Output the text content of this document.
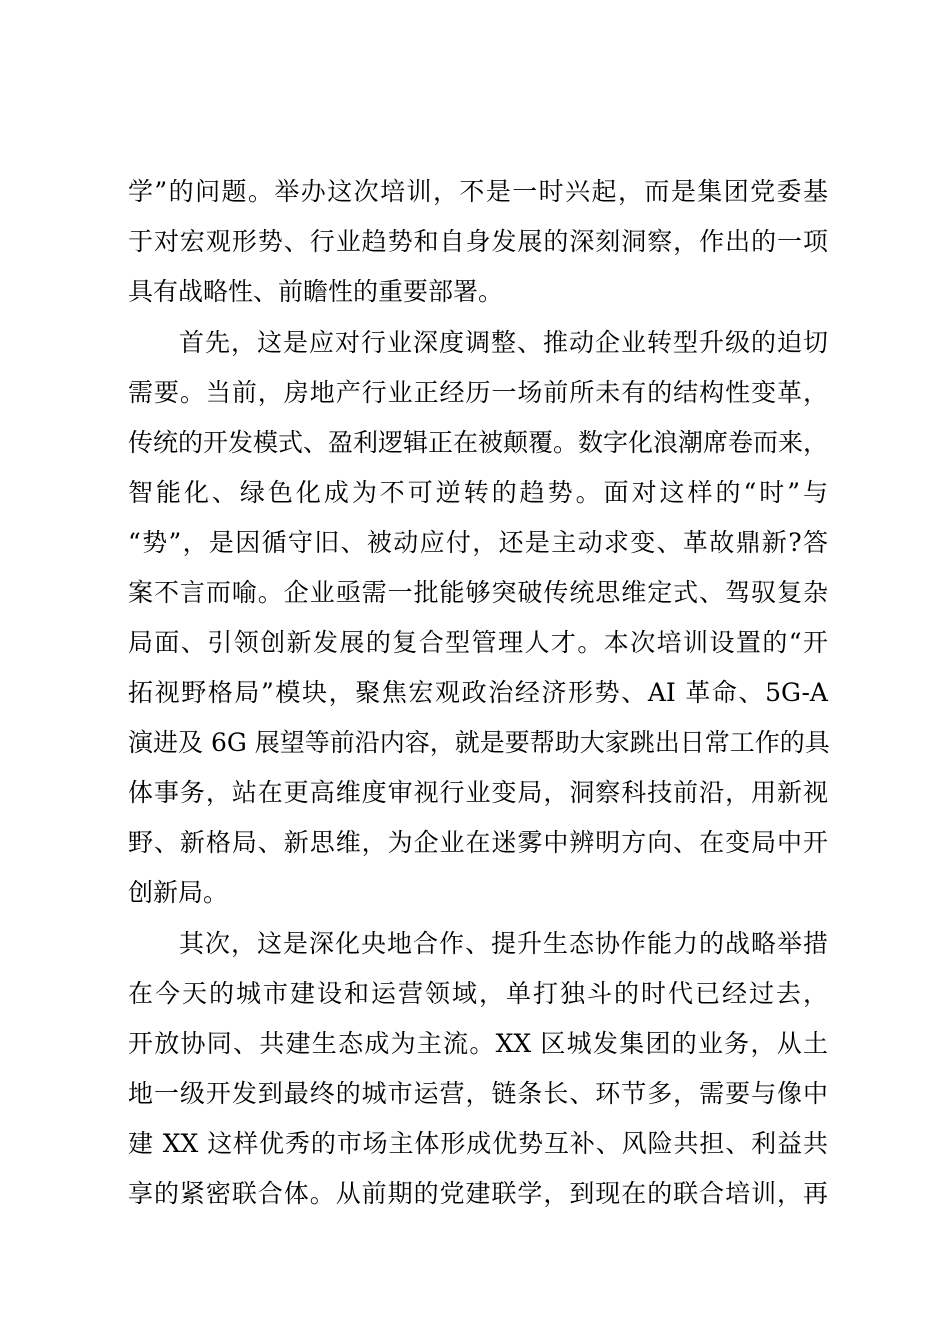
学”的问题。举办这次培训，不是一时兴起，而是集团党委基
于对宏观形势、行业趋势和自身发展的深刻洞察，作出的一项
具有战略性、前瞻性的重要部署。
首先，这是应对行业深度调整、推动企业转型升级的迫切
需要。当前，房地产行业正经历一场前所未有的结构性变革，
传统的开发模式、盈利逻辑正在被颠覆。数字化浪潮席卷而来，
智能化、绿色化成为不可逆转的趋势。面对这样的“时”与
“势”，是因循守旧、被动应付，还是主动求变、革故鼎新?答
案不言而喻。企业亟需一批能够突破传统思维定式、驾驭复杂
局面、引领创新发展的复合型管理人才。本次培训设置的“开
拓视野格局”模块，聚焦宏观政治经济形势、AI 革命、5G-A
演进及 6G 展望等前沿内容，就是要帮助大家跳出日常工作的具
体事务，站在更高维度审视行业变局，洞察科技前沿，用新视
野、新格局、新思维，为企业在迷雾中辨明方向、在变局中开
创新局。
其次，这是深化央地合作、提升生态协作能力的战略举措
在今天的城市建设和运营领域，单打独斗的时代已经过去，
开放协同、共建生态成为主流。XX 区城发集团的业务，从土
地一级开发到最终的城市运营，链条长、环节多，需要与像中
建 XX 这样优秀的市场主体形成优势互补、风险共担、利益共
享的紧密联合体。从前期的党建联学，到现在的联合培训，再
